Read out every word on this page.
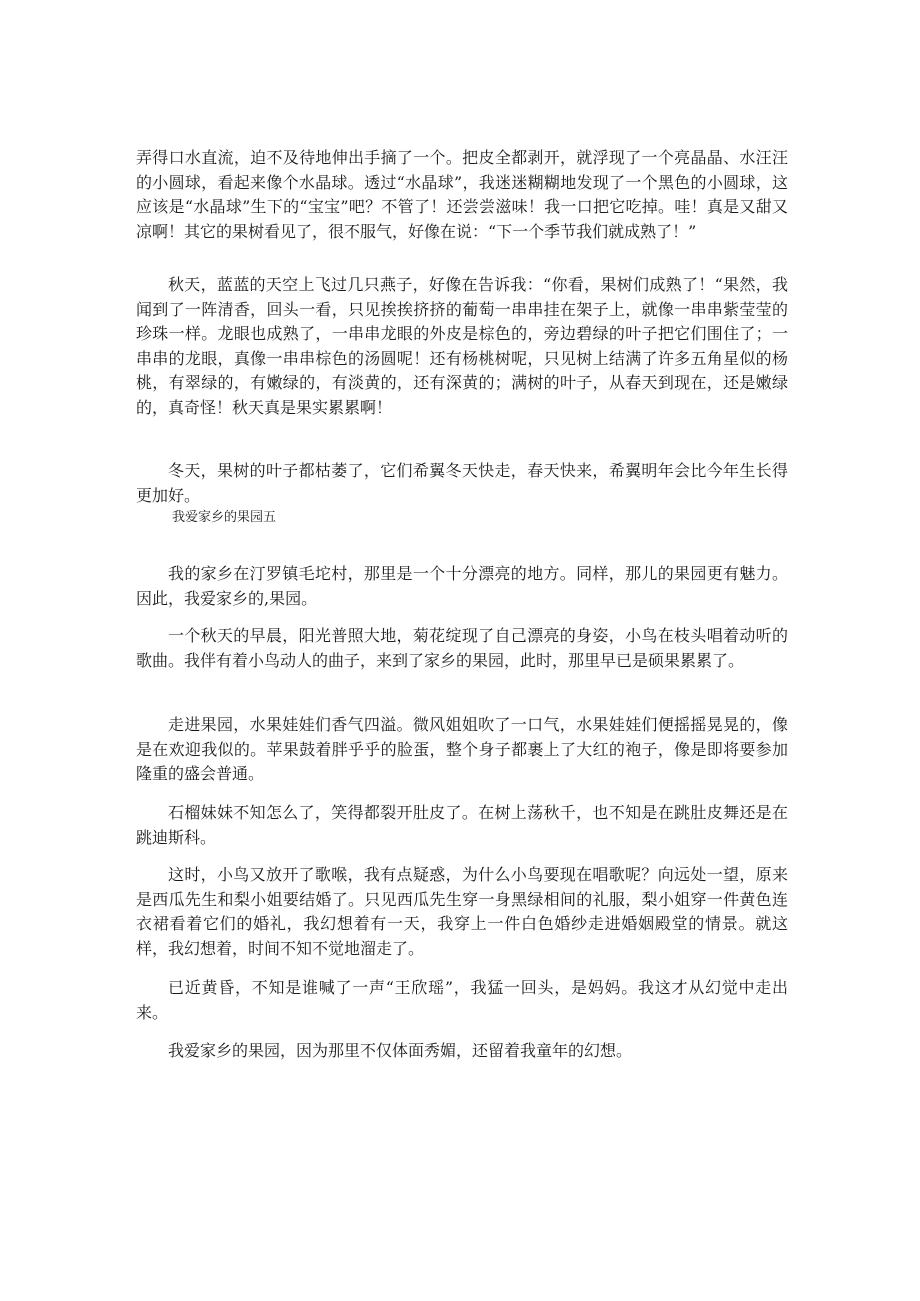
弄得口水直流，迫不及待地伸出手摘了一个。把皮全都剥开，就浮现了一个亮晶晶、水汪汪的小圆球，看起来像个水晶球。透过“水晶球”，我迷迷糊糊地发现了一个黑色的小圆球，这应该是“水晶球”生下的“宝宝”吧？不管了！还尝尝滋味！我一口把它吃掉。哇！真是又甜又凉啊！其它的果树看见了，很不服气，好像在说：“下一个季节我们就成熟了！”

秋天，蓝蓝的天空上飞过几只燕子，好像在告诉我：“你看，果树们成熟了！“果然，我闻到了一阵清香，回头一看，只见挨挨挤挤的葡萄一串串挂在架子上，就像一串串紫莹莹的珍珠一样。龙眼也成熟了，一串串龙眼的外皮是棕色的，旁边碧绿的叶子把它们围住了；一串串的龙眼，真像一串串棕色的汤圆呢！还有杨桃树呢，只见树上结满了许多五角星似的杨桃，有翠绿的，有嫩绿的，有淡黄的，还有深黄的；满树的叶子，从春天到现在，还是嫩绿的，真奇怪！秋天真是果实累累啊！

冬天，果树的叶子都枯萎了，它们希翼冬天快走，春天快来，希翼明年会比今年生长得更加好。

我爱家乡的果园五

我的家乡在汀罗镇毛坨村，那里是一个十分漂亮的地方。同样，那儿的果园更有魅力。因此，我爱家乡的,果园。

一个秋天的早晨，阳光普照大地，菊花绽现了自己漂亮的身姿，小鸟在枝头唱着动听的歌曲。我伴有着小鸟动人的曲子，来到了家乡的果园，此时，那里早已是硕果累累了。

走进果园，水果娃娃们香气四溢。微风姐姐吹了一口气，水果娃娃们便摇摇晃晃的，像是在欢迎我似的。苹果鼓着胖乎乎的脸蛋，整个身子都裹上了大红的袍子，像是即将要参加隆重的盛会普通。

石榴妹妹不知怎么了，笑得都裂开肚皮了。在树上荡秋千，也不知是在跳肚皮舞还是在跳迪斯科。

这时，小鸟又放开了歌喉，我有点疑惑，为什么小鸟要现在唱歌呢？向远处一望，原来是西瓜先生和梨小姐要结婚了。只见西瓜先生穿一身黑绿相间的礼服，梨小姐穿一件黄色连衣裙看着它们的婚礼，我幻想着有一天，我穿上一件白色婚纱走进婚姻殿堂的情景。就这样，我幻想着，时间不知不觉地溜走了。

已近黄昏，不知是谁喊了一声“王欣瑶”，我猛一回头，是妈妈。我这才从幻觉中走出来。

我爱家乡的果园，因为那里不仅体面秀媚，还留着我童年的幻想。
